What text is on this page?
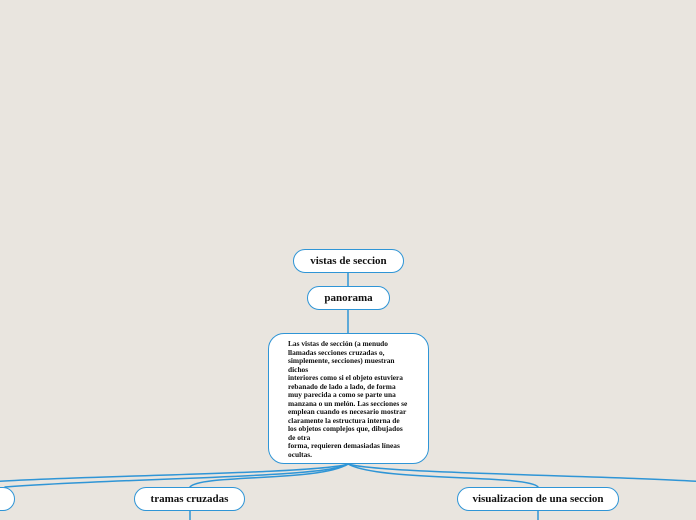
vistas de seccion
panorama
Las vistas de sección (a menudo
llamadas secciones cruzadas o,
simplemente, secciones) muestran
dichos
interiores como si el objeto estuviera
rebanado de lado a lado, de forma
muy parecida a como se parte una
manzana o un melón. Las secciones se
emplean cuando es necesario mostrar
claramente la estructura interna de
los objetos complejos que, dibujados
de otra
forma, requieren demasiadas líneas
ocultas.
tramas cruzadas	visualizacion de una seccion
